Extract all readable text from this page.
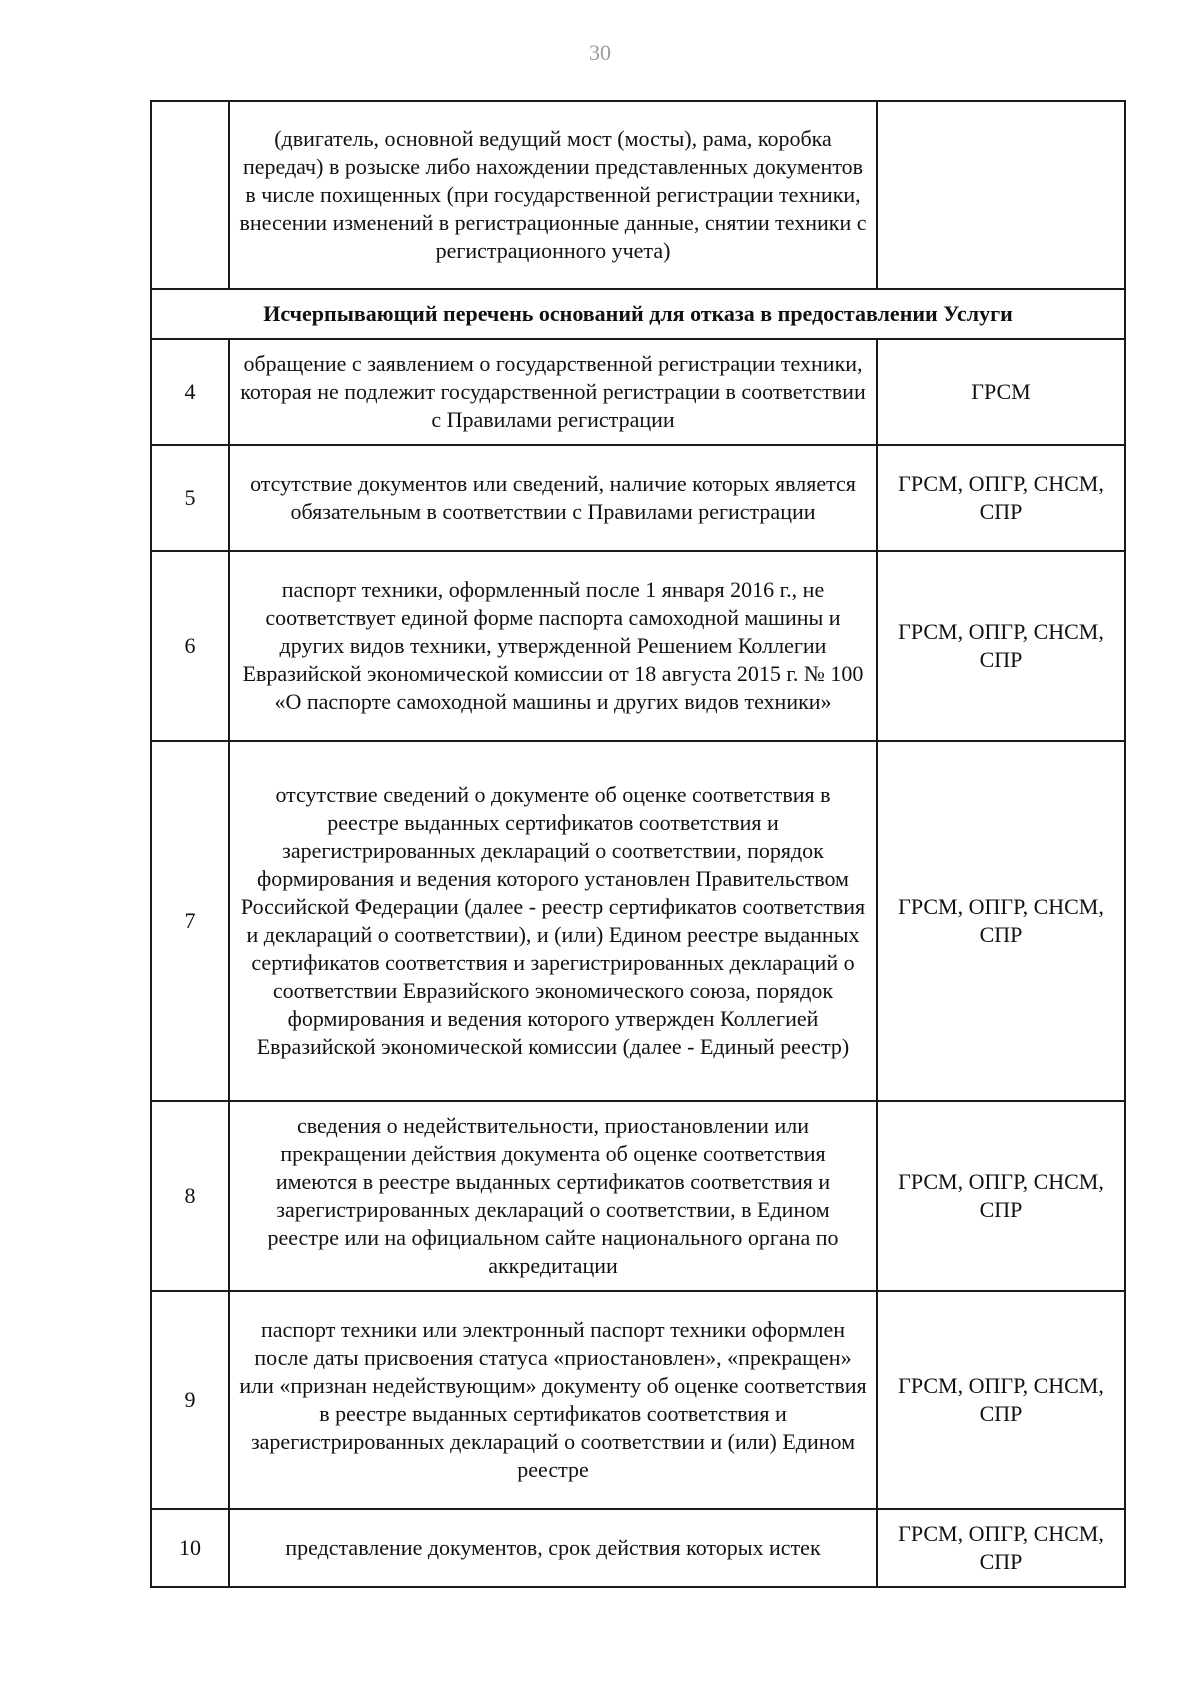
30
	(двигатель, основной ведущий мост (мосты), рама, коробка передач) в розыске либо нахождении представленных документов в числе похищенных (при государственной регистрации техники, внесении изменений в регистрационные данные, снятии техники с регистрационного учета)	
Исчерпывающий перечень оснований для отказа в предоставлении Услуги		
4	обращение с заявлением о государственной регистрации техники, которая не подлежит государственной регистрации в соответствии с Правилами регистрации	ГРСМ
5	отсутствие документов или сведений, наличие которых является обязательным в соответствии с Правилами регистрации	ГРСМ, ОПГР, СНСМ, СПР
6	паспорт техники, оформленный после 1 января 2016 г., не соответствует единой форме паспорта самоходной машины и других видов техники, утвержденной Решением Коллегии Евразийской экономической комиссии от 18 августа 2015 г. № 100 «О паспорте самоходной машины и других видов техники»	ГРСМ, ОПГР, СНСМ, СПР
7	отсутствие сведений о документе об оценке соответствия в реестре выданных сертификатов соответствия и зарегистрированных деклараций о соответствии, порядок формирования и ведения которого установлен Правительством Российской Федерации (далее - реестр сертификатов соответствия и деклараций о соответствии), и (или) Едином реестре выданных сертификатов соответствия и зарегистрированных деклараций о соответствии Евразийского экономического союза, порядок формирования и ведения которого утвержден Коллегией Евразийской экономической комиссии (далее - Единый реестр)	ГРСМ, ОПГР, СНСМ, СПР
8	сведения о недействительности, приостановлении или прекращении действия документа об оценке соответствия имеются в реестре выданных сертификатов соответствия и зарегистрированных деклараций о соответствии, в Едином реестре или на официальном сайте национального органа по аккредитации	ГРСМ, ОПГР, СНСМ, СПР
9	паспорт техники или электронный паспорт техники оформлен после даты присвоения статуса «приостановлен», «прекращен» или «признан недействующим» документу об оценке соответствия в реестре выданных сертификатов соответствия и зарегистрированных деклараций о соответствии и (или) Едином реестре	ГРСМ, ОПГР, СНСМ, СПР
10	представление документов, срок действия которых истек	ГРСМ, ОПГР, СНСМ, СПР
